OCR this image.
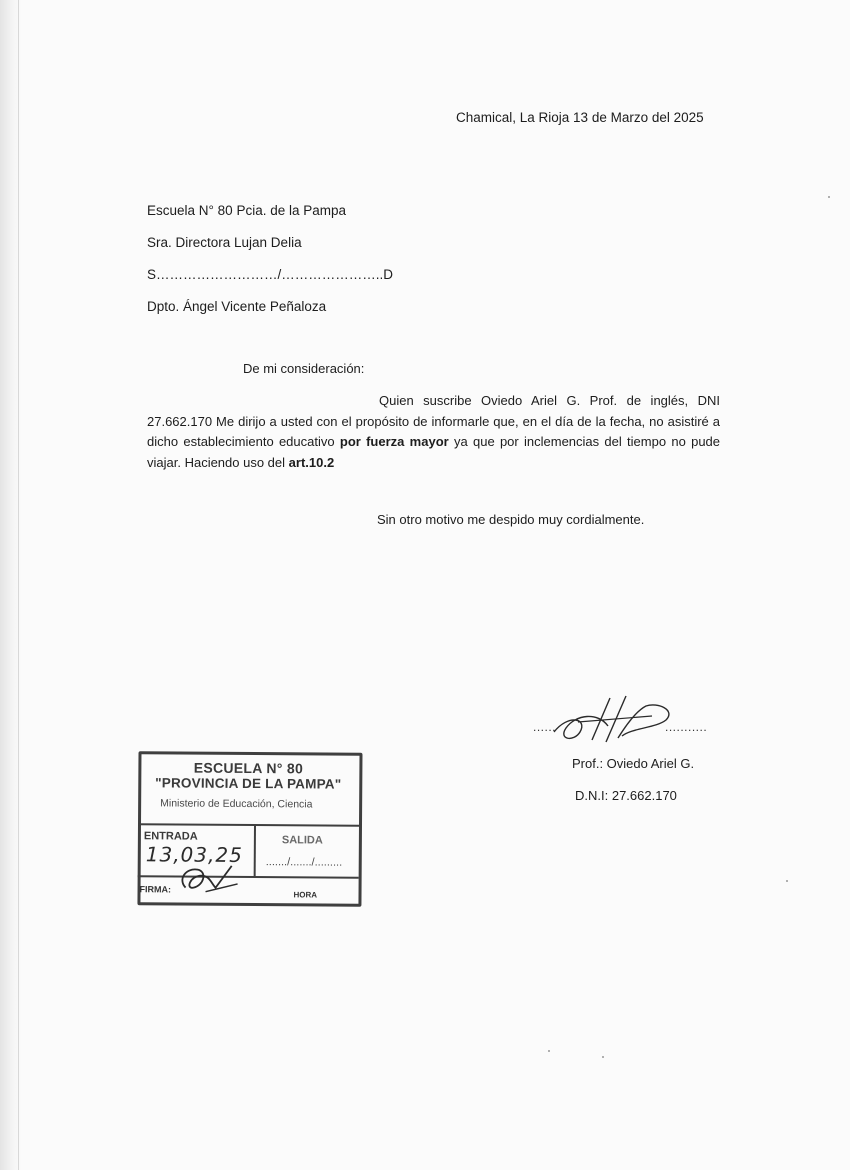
Chamical, La Rioja 13 de Marzo del 2025
Escuela N° 80 Pcia. de la Pampa
Sra. Directora Lujan Delia
S………………………/…………………..D
Dpto. Ángel Vicente Peñaloza
De mi consideración:
Quien suscribe Oviedo Ariel G. Prof. de inglés, DNI 27.662.170 Me dirijo a usted con el propósito de informarle que, en el día de la fecha, no asistiré a dicho establecimiento educativo por fuerza mayor ya que por inclemencias del tiempo no pude viajar. Haciendo uso del art.10.2
Sin otro motivo me despido muy cordialmente.
......	...........
Prof.: Oviedo Ariel G.
D.N.I: 27.662.170
ESCUELA N° 80
"PROVINCIA DE LA PAMPA"
Ministerio de Educación, Ciencia
ENTRADA	SALIDA
13,03,25 ......./......./.........
FIRMA:
HORA
